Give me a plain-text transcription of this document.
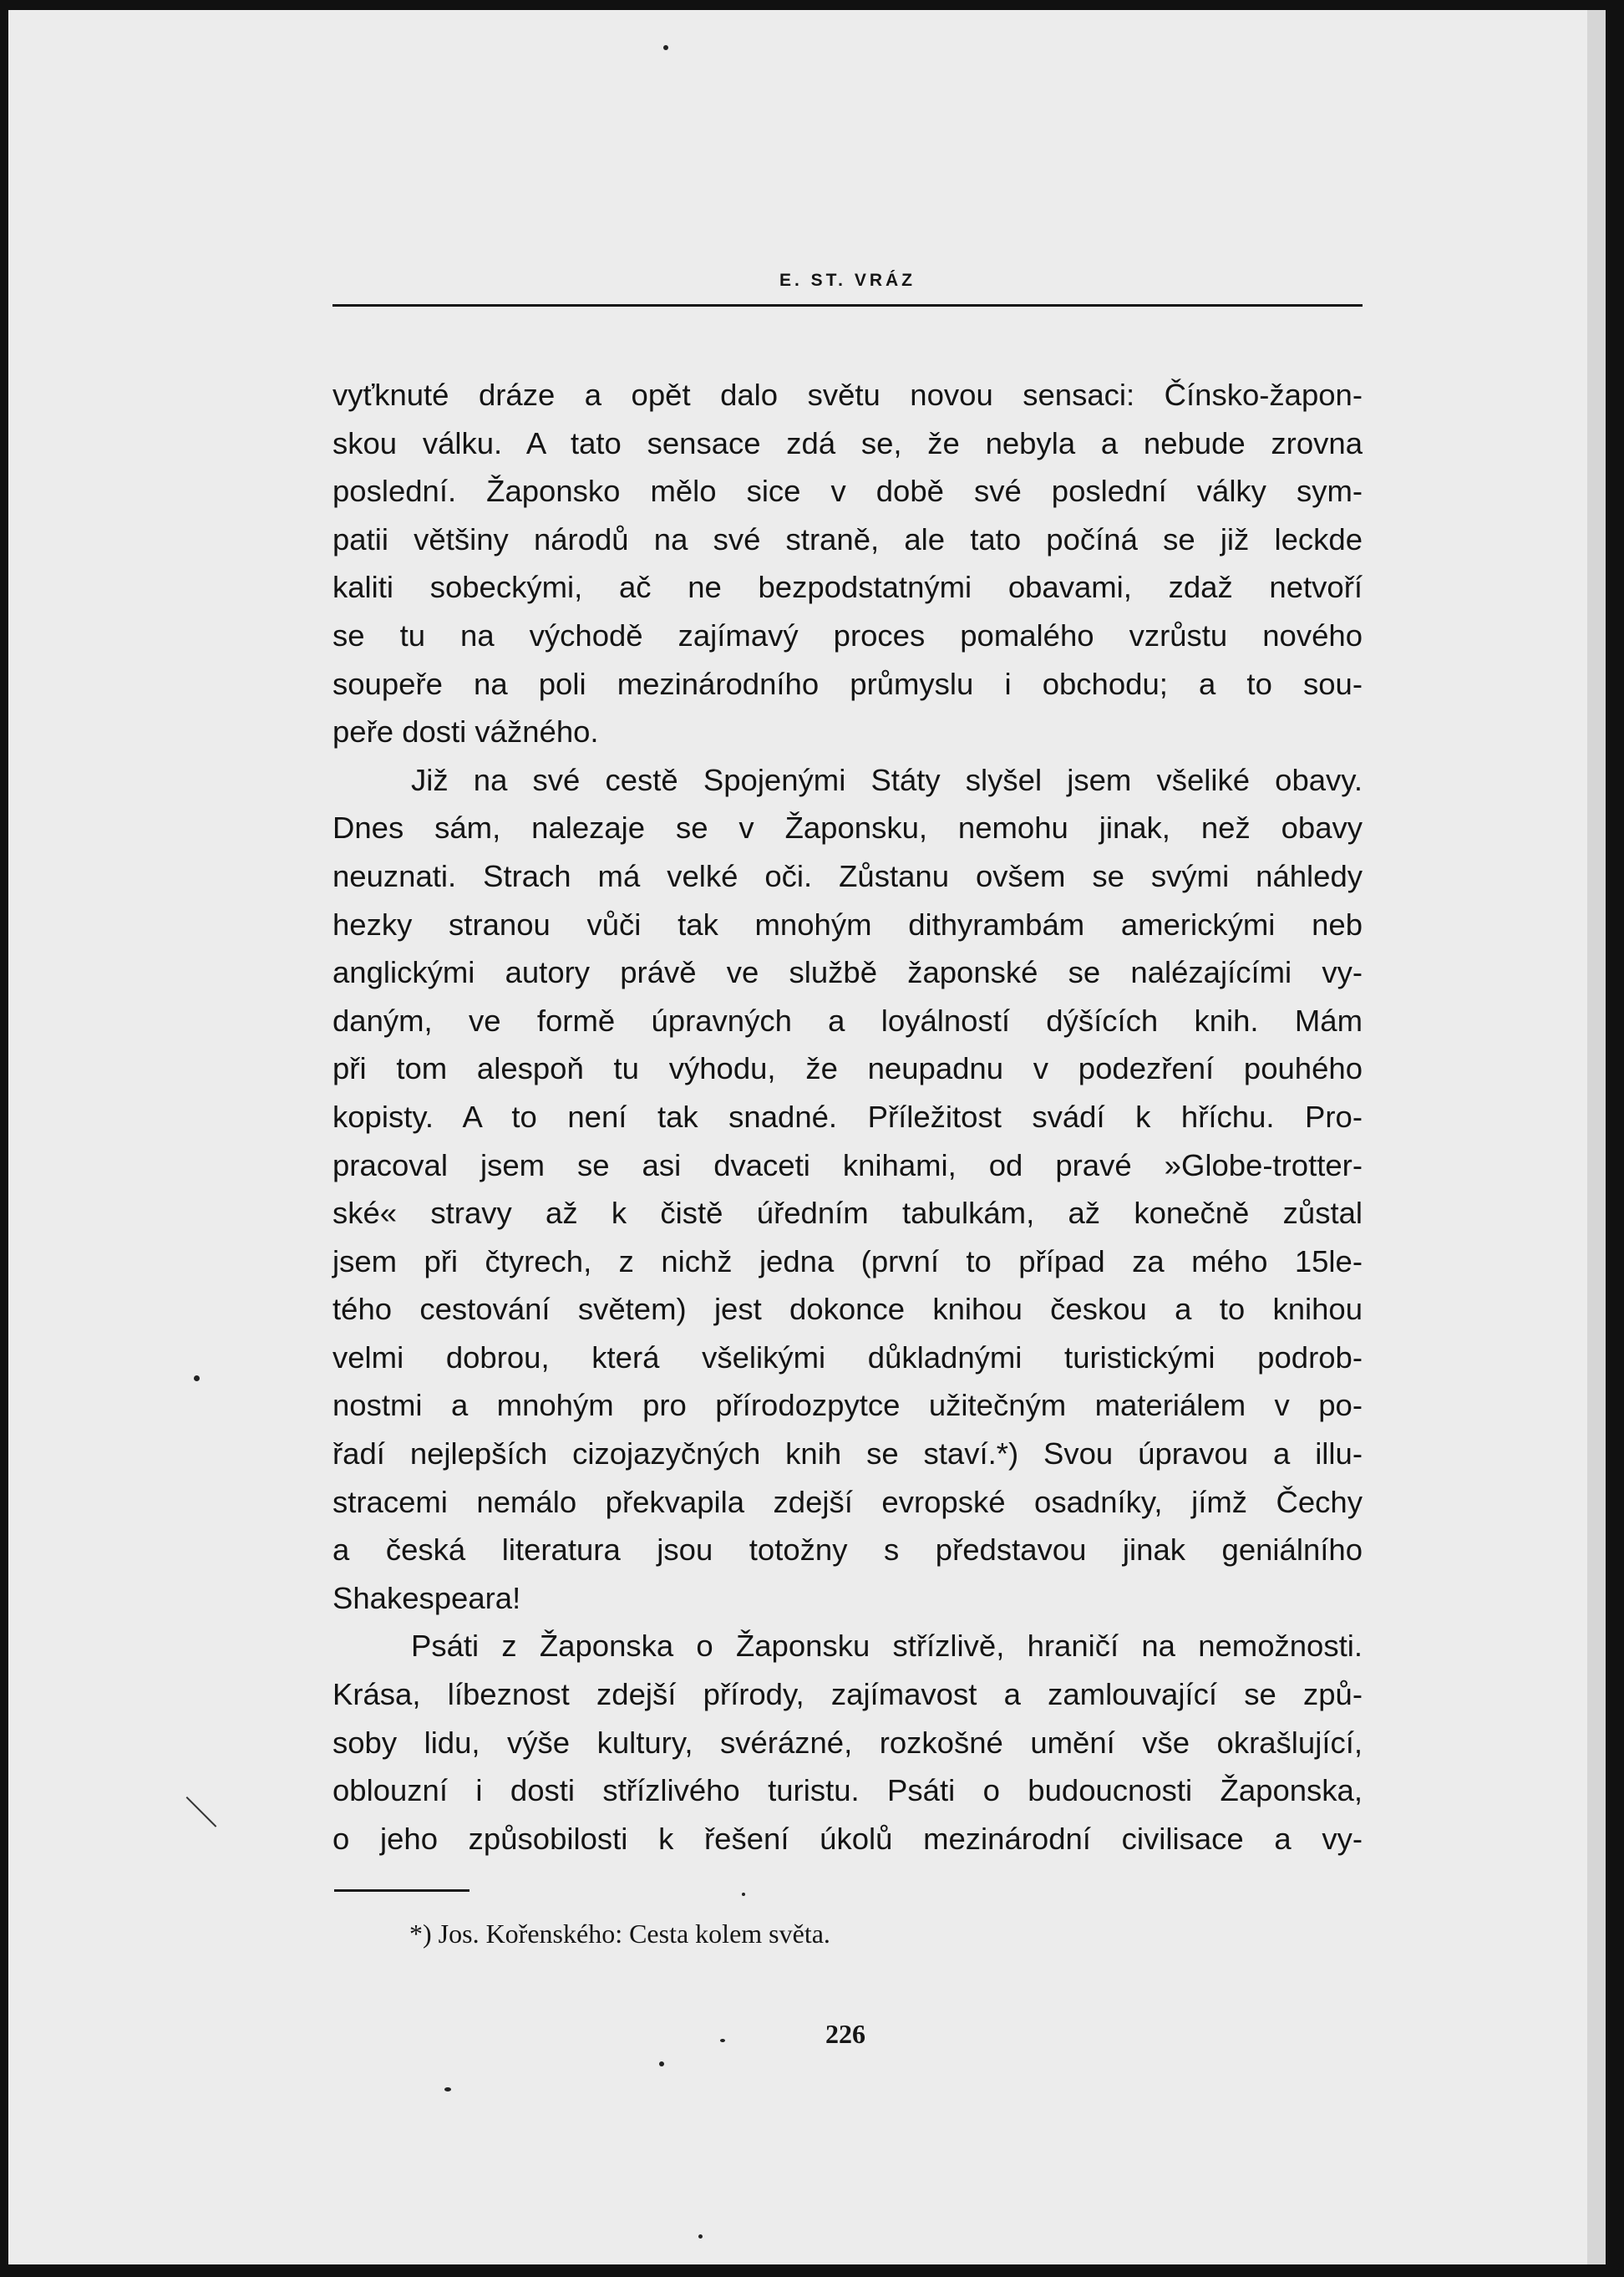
E. ST. VRÁZ
vyťknuté dráze a opět dalo světu novou sensaci: Čínsko-žapon-
skou válku. A tato sensace zdá se, že nebyla a nebude zrovna
poslední. Žaponsko mělo sice v době své poslední války sym-
patii většiny národů na své straně, ale tato počíná se již leckde
kaliti sobeckými, ač ne bezpodstatnými obavami, zdaž netvoří
se tu na východě zajímavý proces pomalého vzrůstu nového
soupeře na poli mezinárodního průmyslu i obchodu; a to sou-
peře dosti vážného.
Již na své cestě Spojenými Státy slyšel jsem všeliké obavy.
Dnes sám, nalezaje se v Žaponsku, nemohu jinak, než obavy
neuznati. Strach má velké oči. Zůstanu ovšem se svými náhledy
hezky stranou vůči tak mnohým dithyrambám americkými neb
anglickými autory právě ve službě žaponské se nalézajícími vy-
daným, ve formě úpravných a loyálností dýšících knih. Mám
při tom alespoň tu výhodu, že neupadnu v podezření pouhého
kopisty. A to není tak snadné. Příležitost svádí k hříchu. Pro-
pracoval jsem se asi dvaceti knihami, od pravé »Globe-trotter-
ské« stravy až k čistě úředním tabulkám, až konečně zůstal
jsem při čtyrech, z nichž jedna (první to případ za mého 15le-
tého cestování světem) jest dokonce knihou českou a to knihou
velmi dobrou, která všelikými důkladnými turistickými podrob-
nostmi a mnohým pro přírodozpytce užitečným materiálem v po-
řadí nejlepších cizojazyčných knih se staví.*) Svou úpravou a illu-
stracemi nemálo překvapila zdejší evropské osadníky, jímž Čechy
a česká literatura jsou totožny s představou jinak geniálního
Shakespeara!
Psáti z Žaponska o Žaponsku střízlivě, hraničí na nemožnosti.
Krása, líbeznost zdejší přírody, zajímavost a zamlouvající se způ-
soby lidu, výše kultury, svérázné, rozkošné umění vše okrašlující,
oblouzní i dosti střízlivého turistu. Psáti o budoucnosti Žaponska,
o jeho způsobilosti k řešení úkolů mezinárodní civilisace a vy-
*) Jos. Kořenského: Cesta kolem světa.
226
